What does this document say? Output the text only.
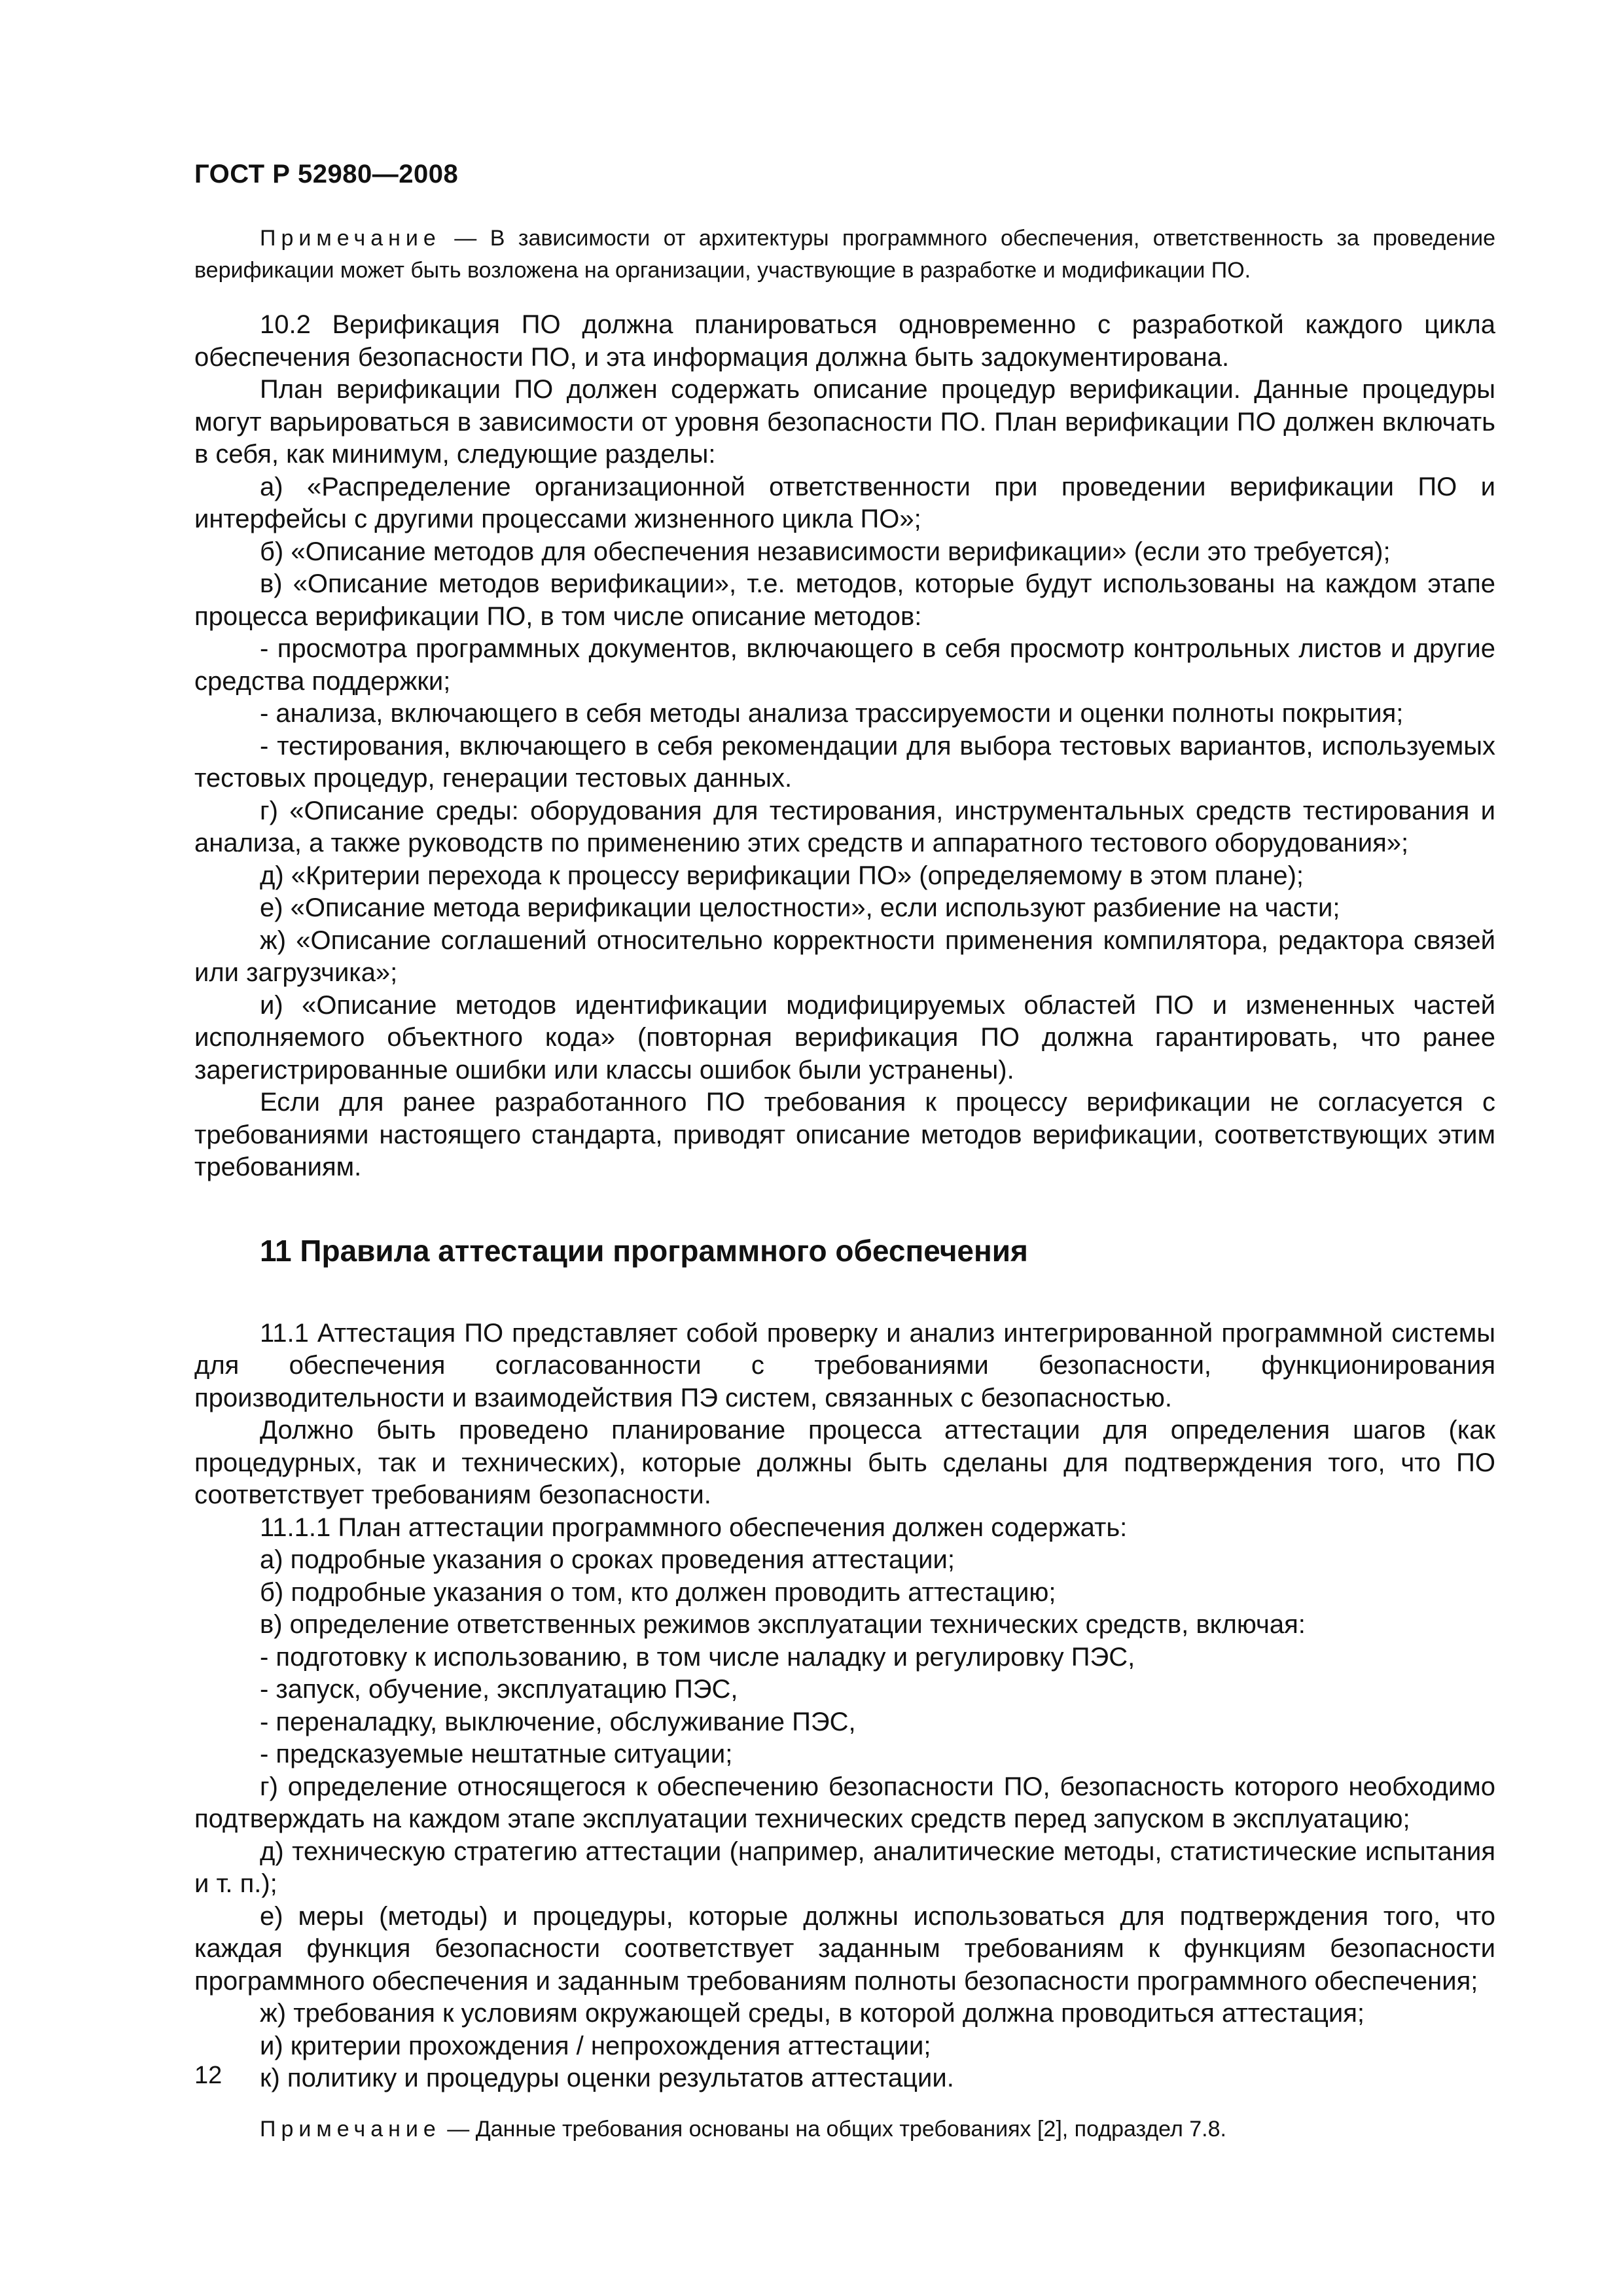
ГОСТ Р 52980—2008
Примечание — В зависимости от архитектуры программного обеспечения, ответственность за проведение верификации может быть возложена на организации, участвующие в разработке и модификации ПО.

10.2 Верификация ПО должна планироваться одновременно с разработкой каждого цикла обеспечения безопасности ПО, и эта информация должна быть задокументирована.

План верификации ПО должен содержать описание процедур верификации. Данные процедуры могут варьироваться в зависимости от уровня безопасности ПО. План верификации ПО должен включать в себя, как минимум, следующие разделы:

а) «Распределение организационной ответственности при проведении верификации ПО и интерфейсы с другими процессами жизненного цикла ПО»;

б) «Описание методов для обеспечения независимости верификации» (если это требуется);

в) «Описание методов верификации», т.е. методов, которые будут использованы на каждом этапе процесса верификации ПО, в том числе описание методов:

- просмотра программных документов, включающего в себя просмотр контрольных листов и другие средства поддержки;

- анализа, включающего в себя методы анализа трассируемости и оценки полноты покрытия;

- тестирования, включающего в себя рекомендации для выбора тестовых вариантов, используемых тестовых процедур, генерации тестовых данных.

г) «Описание среды: оборудования для тестирования, инструментальных средств тестирования и анализа, а также руководств по применению этих средств и аппаратного тестового оборудования»;

д) «Критерии перехода к процессу верификации ПО» (определяемому в этом плане);

е) «Описание метода верификации целостности», если используют разбиение на части;

ж) «Описание соглашений относительно корректности применения компилятора, редактора связей или загрузчика»;

и) «Описание методов идентификации модифицируемых областей ПО и измененных частей исполняемого объектного кода» (повторная верификация ПО должна гарантировать, что ранее зарегистрированные ошибки или классы ошибок были устранены).

Если для ранее разработанного ПО требования к процессу верификации не согласуется с требованиями настоящего стандарта, приводят описание методов верификации, соответствующих этим требованиям.

11 Правила аттестации программного обеспечения

11.1 Аттестация ПО представляет собой проверку и анализ интегрированной программной системы для обеспечения согласованности с требованиями безопасности, функционирования производительности и взаимодействия ПЭ систем, связанных с безопасностью.

Должно быть проведено планирование процесса аттестации для определения шагов (как процедурных, так и технических), которые должны быть сделаны для подтверждения того, что ПО соответствует требованиям безопасности.

11.1.1 План аттестации программного обеспечения должен содержать:

а) подробные указания о сроках проведения аттестации;

б) подробные указания о том, кто должен проводить аттестацию;

в) определение ответственных режимов эксплуатации технических средств, включая:

- подготовку к использованию, в том числе наладку и регулировку ПЭС,

- запуск, обучение, эксплуатацию ПЭС,

- переналадку, выключение, обслуживание ПЭС,

- предсказуемые нештатные ситуации;

г) определение относящегося к обеспечению безопасности ПО, безопасность которого необходимо подтверждать на каждом этапе эксплуатации технических средств перед запуском в эксплуатацию;

д) техническую стратегию аттестации (например, аналитические методы, статистические испытания и т. п.);

е) меры (методы) и процедуры, которые должны использоваться для подтверждения того, что каждая функция безопасности соответствует заданным требованиям к функциям безопасности программного обеспечения и заданным требованиям полноты безопасности программного обеспечения;

ж) требования к условиям окружающей среды, в которой должна проводиться аттестация;

и) критерии прохождения / непрохождения аттестации;

к) политику и процедуры оценки результатов аттестации.

Примечание — Данные требования основаны на общих требованиях [2], подраздел 7.8.
12
